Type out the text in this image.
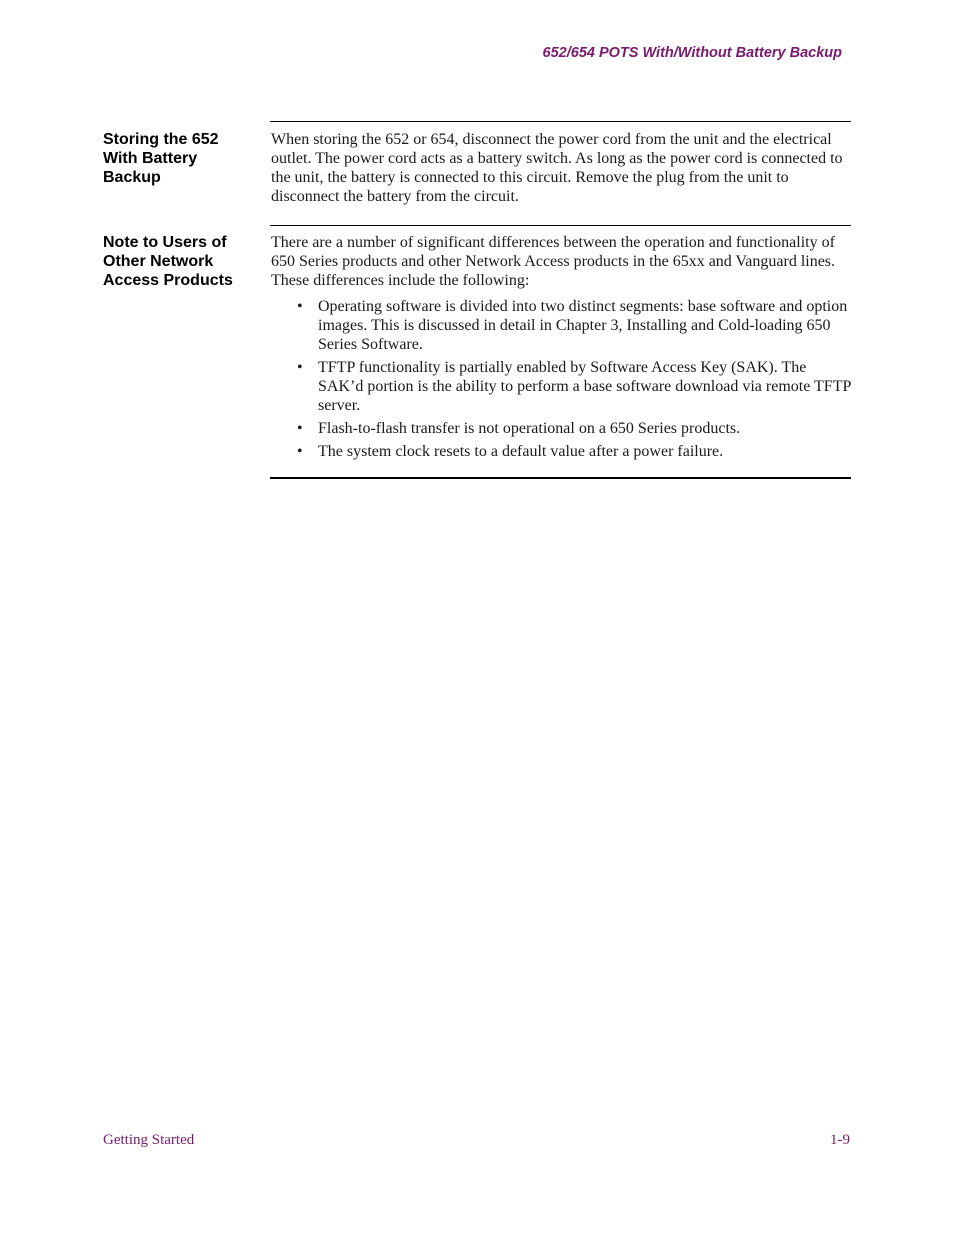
652/654 POTS With/Without Battery Backup
Storing the 652
With Battery
Backup
When storing the 652 or 654, disconnect the power cord from the unit and the electrical outlet. The power cord acts as a battery switch. As long as the power cord is connected to the unit, the battery is connected to this circuit. Remove the plug from the unit to disconnect the battery from the circuit.
Note to Users of
Other Network
Access Products
There are a number of significant differences between the operation and functionality of 650 Series products and other Network Access products in the 65xx and Vanguard lines. These differences include the following:
• Operating software is divided into two distinct segments: base software and option images. This is discussed in detail in Chapter 3, Installing and Cold-loading 650 Series Software.
• TFTP functionality is partially enabled by Software Access Key (SAK). The SAK’d portion is the ability to perform a base software download via remote TFTP server.
• Flash-to-flash transfer is not operational on a 650 Series products.
• The system clock resets to a default value after a power failure.
Getting Started	1-9
